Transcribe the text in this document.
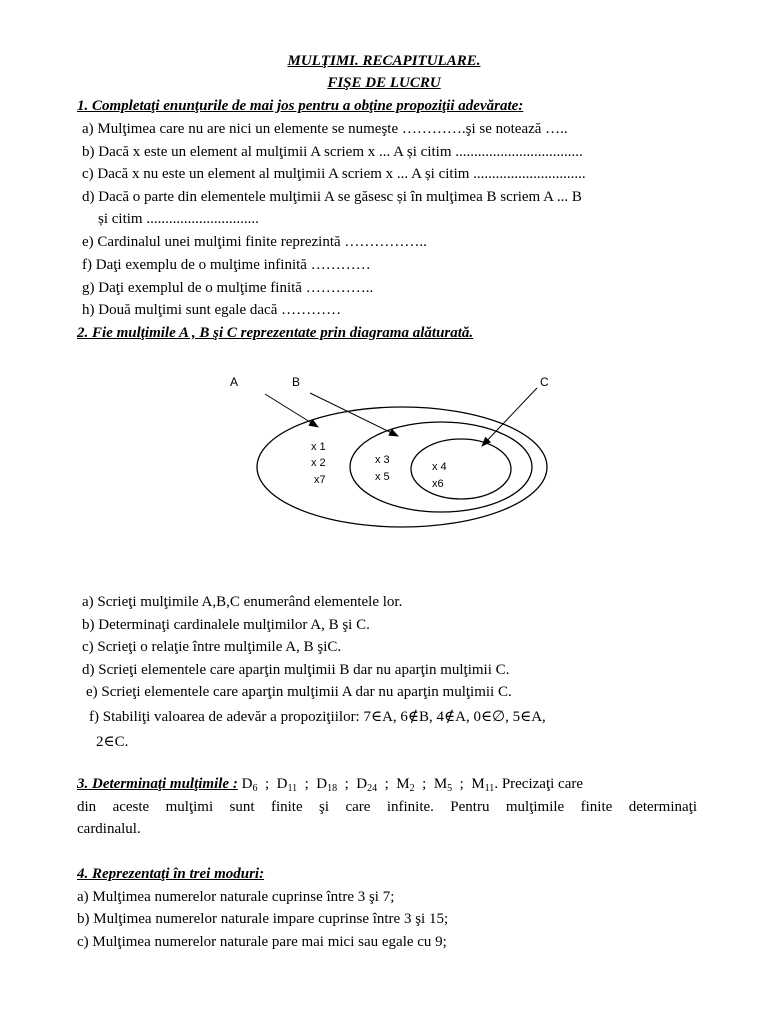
MULŢIMI. RECAPITULARE.
FIŞE DE LUCRU
1. Completaţi enunţurile de mai jos pentru a obţine propoziţii adevărate:
a) Mulţimea care nu are nici un elemente se numeşte ………….şi se notează …..
b) Dacă x este un element al mulţimii A scriem x ... A și citim ..................................
c) Dacă x nu este un element al mulţimii A scriem x ... A și citim ..............................
d) Dacă o parte din elementele mulţimii A se găsesc și în mulţimea B scriem A ... B
și citim ..............................
e) Cardinalul unei mulţimi finite reprezintă ……………..
f) Daţi exemplu de o mulţime infinită …………
g) Daţi exemplul de o mulţime finită …………..
h) Două mulţimi sunt egale dacă …………
2. Fie mulţimile A , B şi C reprezentate prin diagrama alăturată.
A	B	C
x 1
x 2
x7
x 3
x 5
x 4
x6
a) Scrieţi mulţimile A,B,C enumerând elementele lor.
b) Determinaţi cardinalele mulţimilor A, B şi C.
c) Scrieţi o relaţie între mulţimile A, B şiC.
d) Scrieţi elementele care aparţin mulţimii B dar nu aparţin mulţimii C.
e) Scrieţi elementele care aparţin mulţimii A dar nu aparţin mulţimii C.
f) Stabiliţi valoarea de adevăr a propoziţiilor: 7∈A, 6∉B, 4∉A, 0∈∅, 5∈A,
2∈C.
3. Determinaţi mulţimile : $D_6$ ; $D_{11}$ ; $D_{18}$ ; $D_{24}$ ; $M_2$ ; $M_5$ ; $M_{11}$. Precizaţi care
din aceste mulţimi sunt finite şi care infinite. Pentru mulţimile finite determinaţi
cardinalul.
4. Reprezentaţi în trei moduri:
a) Mulţimea numerelor naturale cuprinse între 3 şi 7;
b) Mulţimea numerelor naturale impare cuprinse între 3 şi 15;
c) Mulţimea numerelor naturale pare mai mici sau egale cu 9;
